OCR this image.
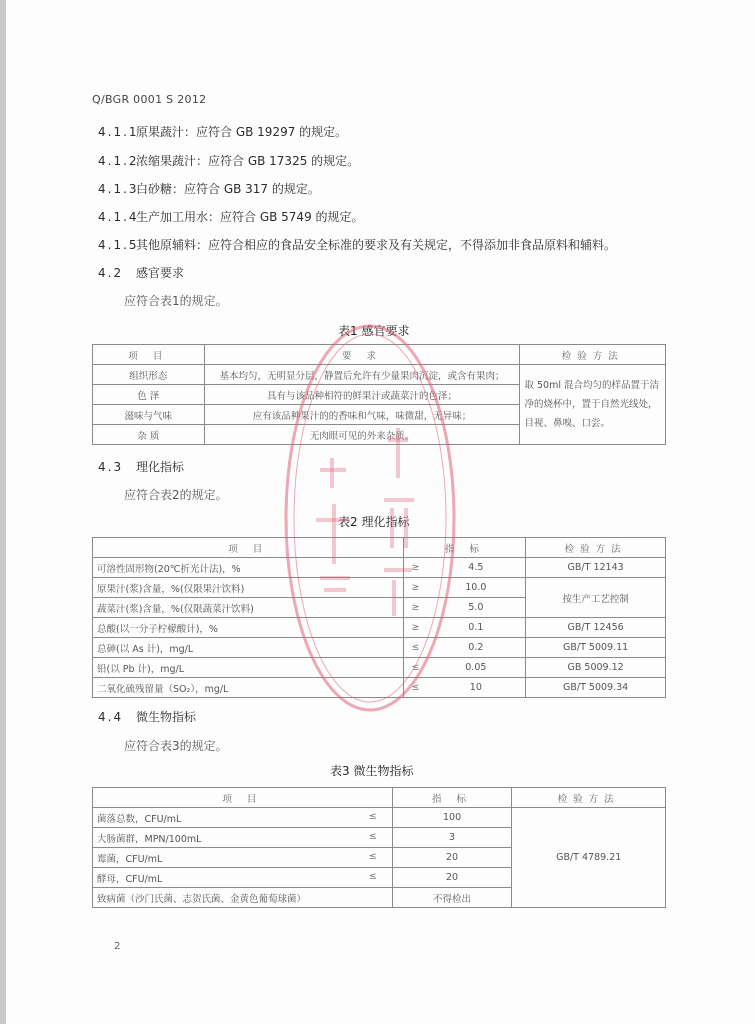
Q/BGR 0001 S 2012
4.1.1原果蔬汁：应符合 GB 19297 的规定。
4.1.2浓缩果蔬汁：应符合 GB 17325 的规定。
4.1.3白砂糖：应符合 GB 317 的规定。
4.1.4生产加工用水：应符合 GB 5749 的规定。
4.1.5其他原辅料：应符合相应的食品安全标准的要求及有关规定，不得添加非食品原料和辅料。
4.2 感官要求
应符合表1的规定。
表1 感官要求
项 目	要 求	检验方法
组织形态	基本均匀，无明显分层，静置后允许有少量果肉沉淀，或含有果肉；	取 50ml 混合均匀的样品置于洁净的烧杯中，置于自然光线处，目视、鼻嗅、口尝。
色 泽	具有与该品种相符的鲜果汁或蔬菜汁的色泽；	
滋味与气味	应有该品种果汁的的香味和气味，味微甜，无异味；	
杂 质	无肉眼可见的外来杂质。	
4.3 理化指标
应符合表2的规定。
表2 理化指标
项 目	指 标	检验方法
可溶性固形物(20℃折光计法)，%	≥ 4.5	GB/T 12143
原果汁(浆)含量，%(仅限果汁饮料)	≥ 10.0	按生产工艺控制
蔬菜汁(浆)含量，%(仅限蔬菜汁饮料)	≥ 5.0	

总酸(以一分子柠檬酸计)，%	≥ 0.1	GB/T 12456
总砷(以 As 计)，mg/L	≤ 0.2	GB/T 5009.11
铅(以 Pb 计)，mg/L	≤ 0.05	GB 5009.12
二氧化硫残留量（SO₂），mg/L	≤ 10	GB/T 5009.34
4.4 微生物指标
应符合表3的规定。
表3 微生物指标
项 目	指 标	检验方法

菌落总数，CFU/mL ≤	100	GB/T 4789.21

大肠菌群，MPN/100mL ≤	3	

霉菌，CFU/mL ≤	20	

酵母，CFU/mL ≤	20	

致病菌（沙门氏菌、志贺氏菌、金黄色葡萄球菌）	不得检出	
2
